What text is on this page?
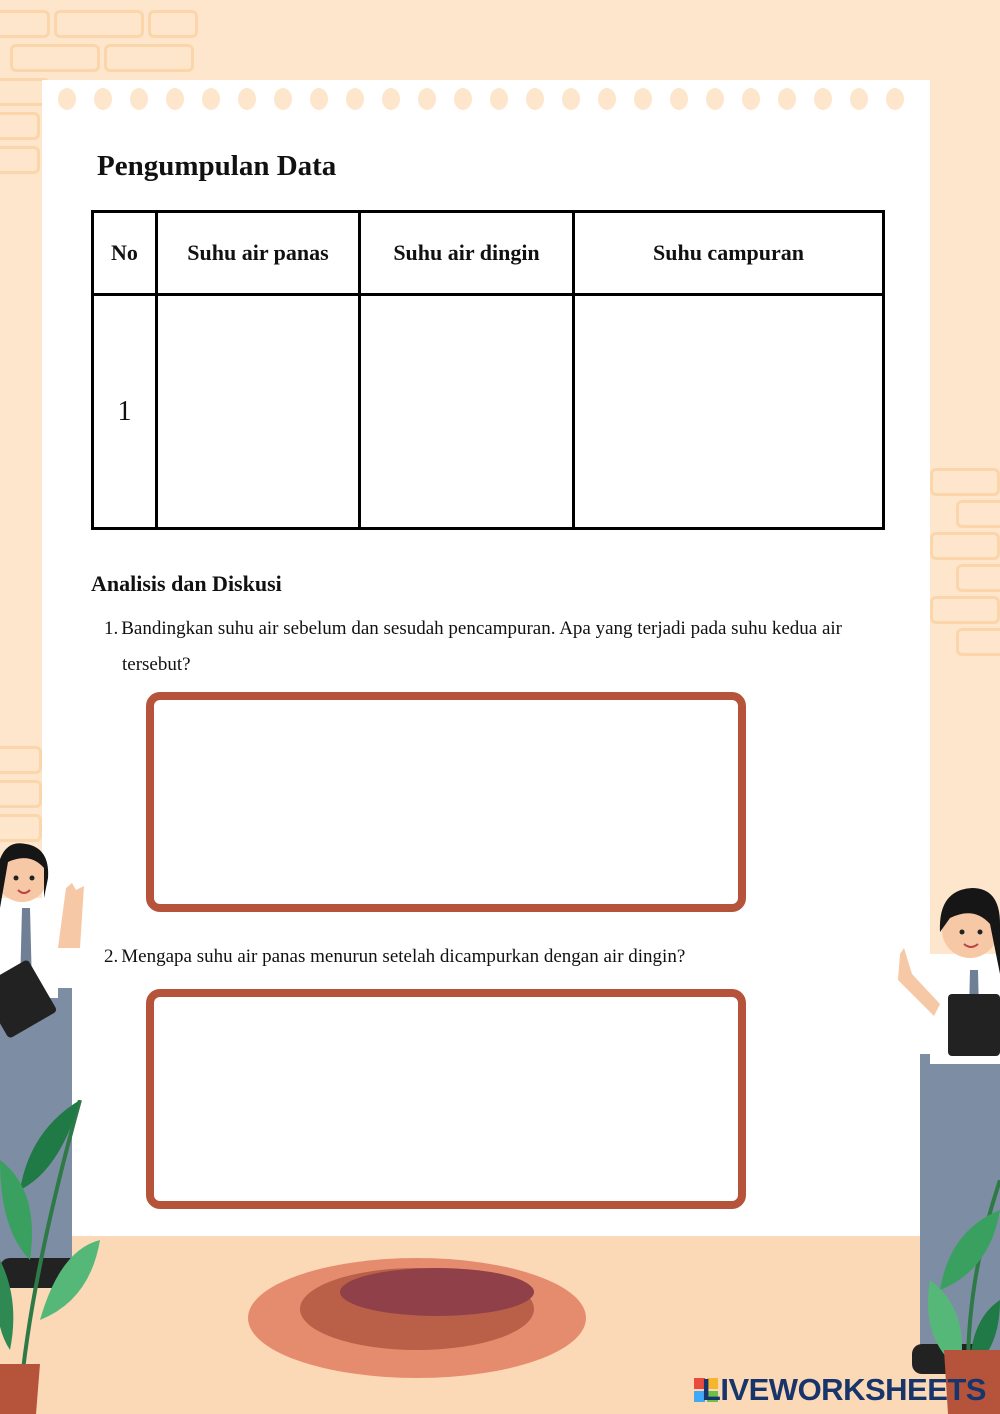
Pengumpulan Data
No	Suhu air panas	Suhu air dingin	Suhu campuran
1			
Analisis dan Diskusi
1. Bandingkan suhu air sebelum dan sesudah pencampuran. Apa yang terjadi pada suhu kedua air
tersebut?
2. Mengapa suhu air panas menurun setelah dicampurkan dengan air dingin?
LIVEWORKSHEETS
